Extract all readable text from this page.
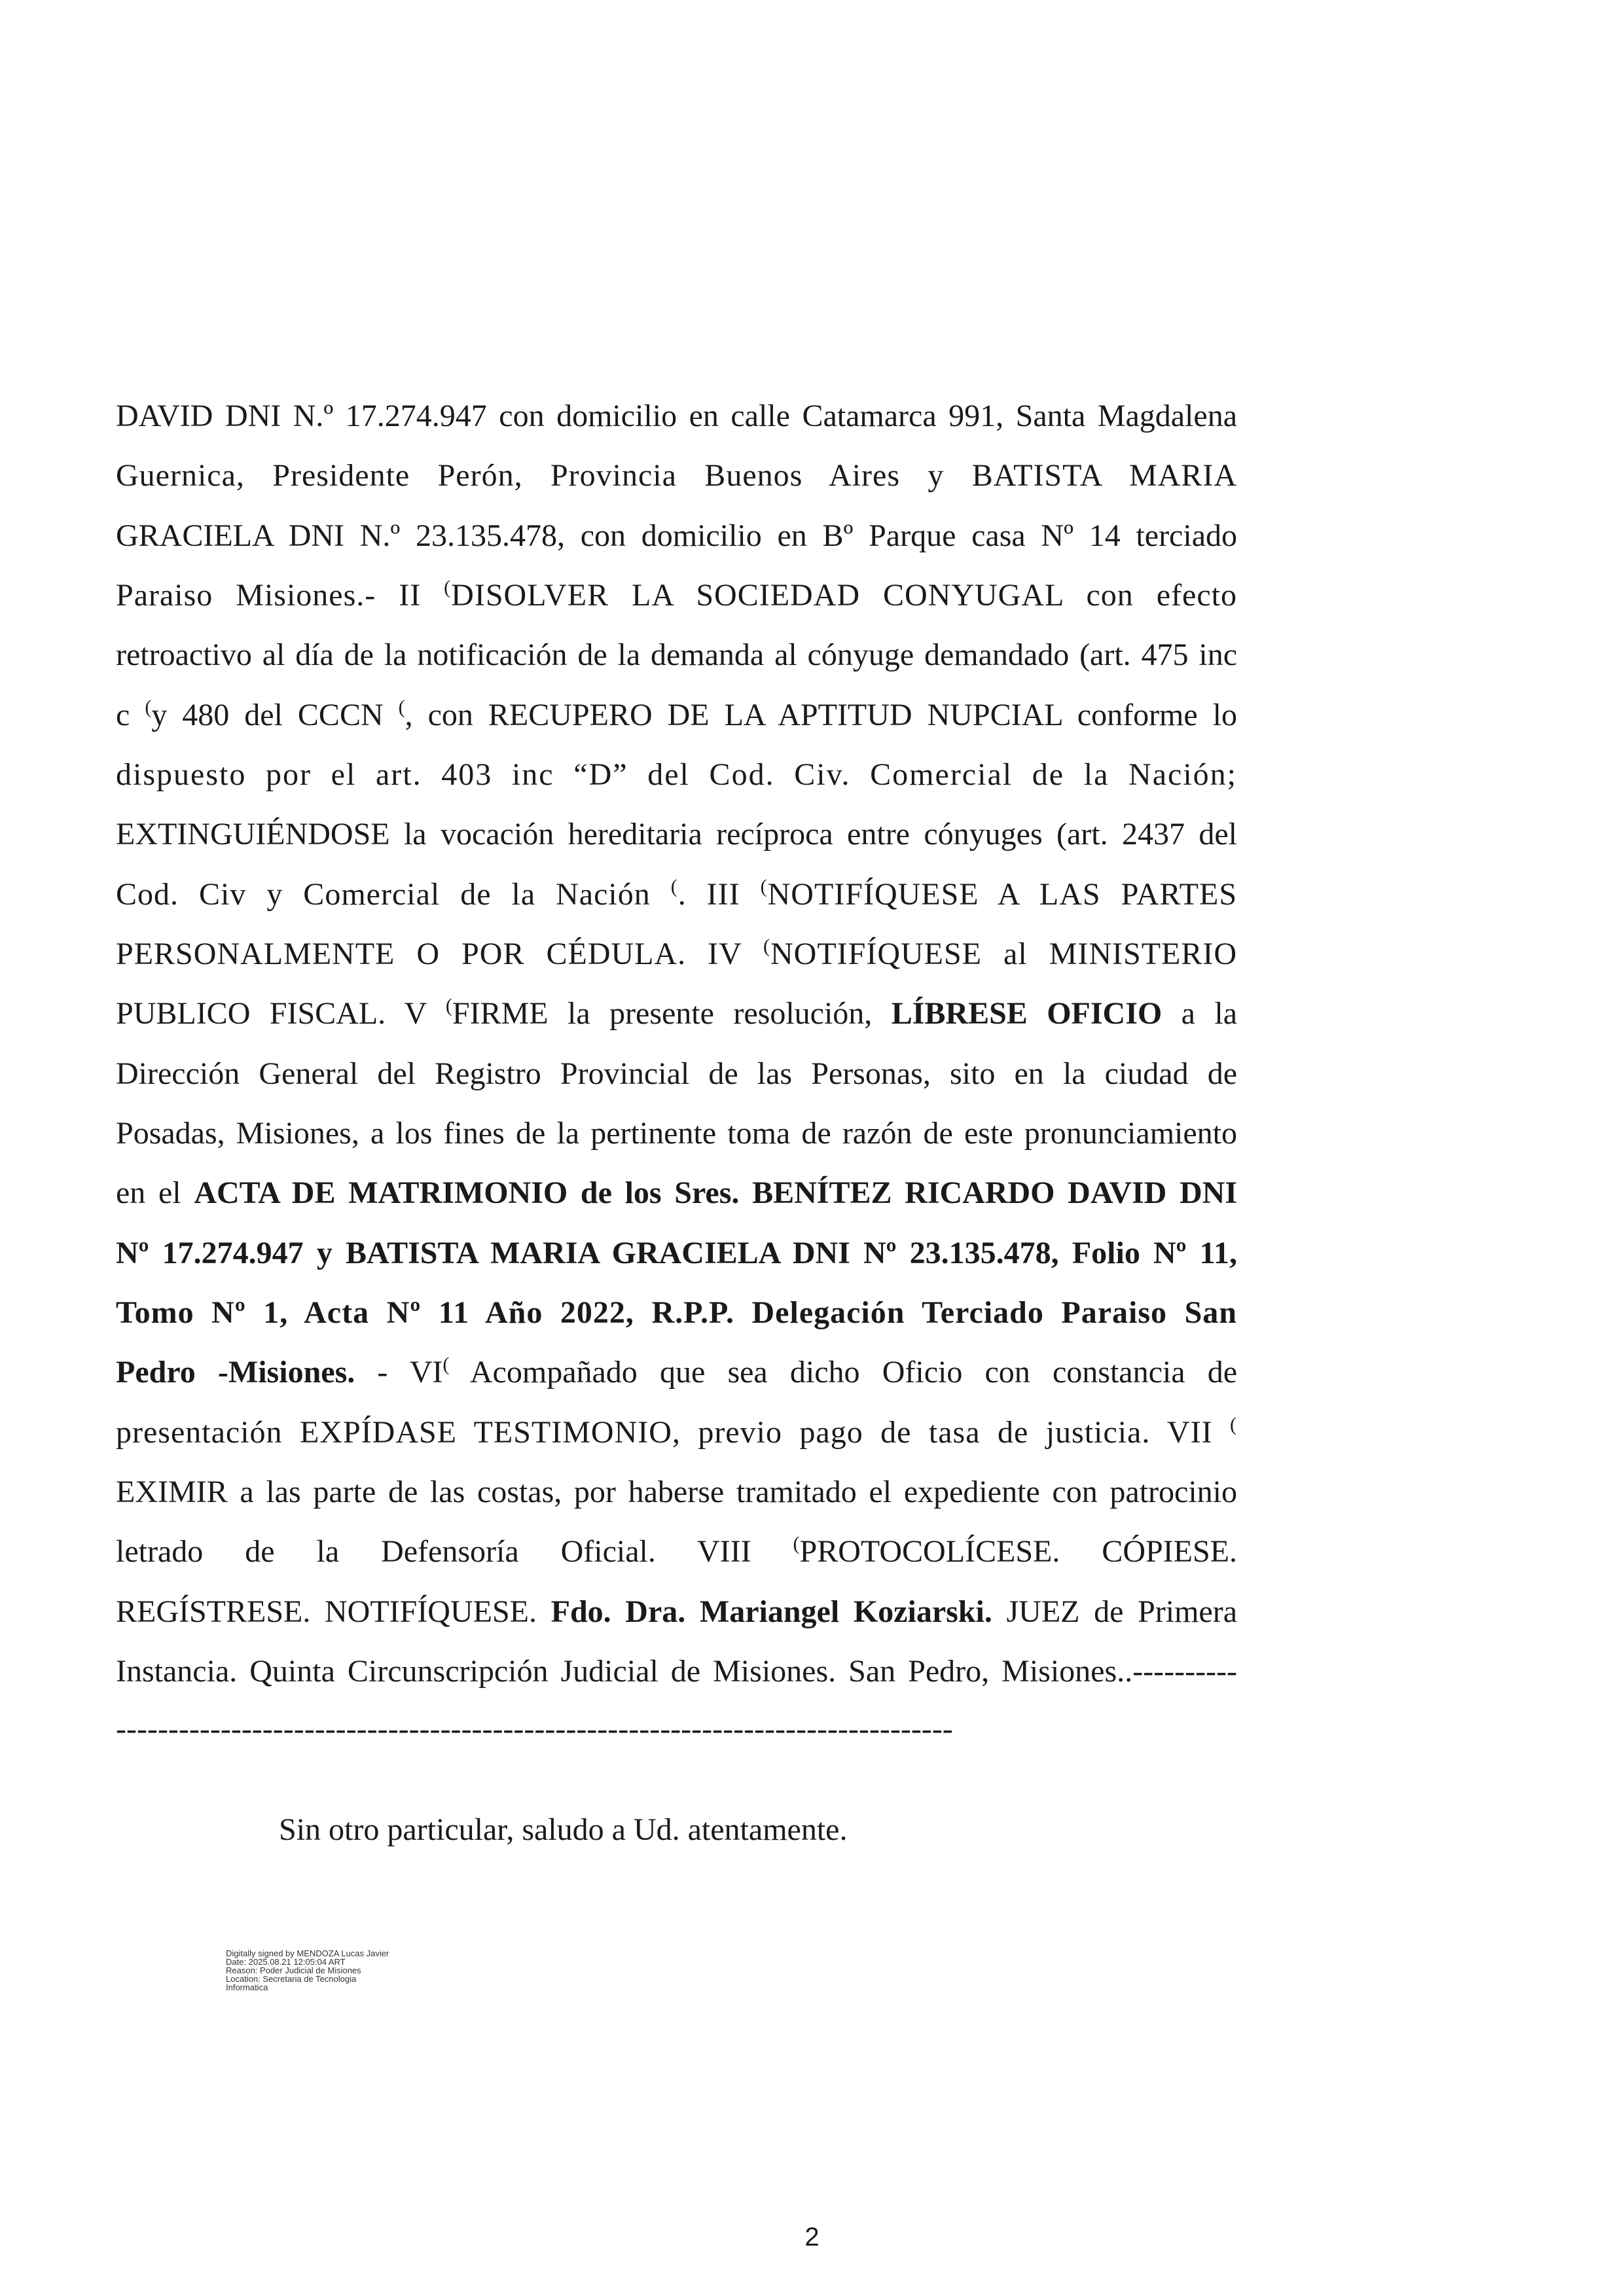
DAVID DNI N.º 17.274.947 con domicilio en calle Catamarca 991, Santa Magdalena
Guernica, Presidente Perón, Provincia Buenos Aires y BATISTA MARIA
GRACIELA DNI N.º 23.135.478, con domicilio en Bº Parque casa Nº 14 terciado
Paraiso Misiones.- II (DISOLVER LA SOCIEDAD CONYUGAL con efecto
retroactivo al día de la notificación de la demanda al cónyuge demandado (art. 475 inc
c (y 480 del CCCN (, con RECUPERO DE LA APTITUD NUPCIAL conforme lo
dispuesto por el art. 403 inc “D” del Cod. Civ. Comercial de la Nación;
EXTINGUIÉNDOSE la vocación hereditaria recíproca entre cónyuges (art. 2437 del
Cod. Civ y Comercial de la Nación (. III (NOTIFÍQUESE A LAS PARTES
PERSONALMENTE O POR CÉDULA. IV (NOTIFÍQUESE al MINISTERIO
PUBLICO FISCAL. V (FIRME la presente resolución, LÍBRESE OFICIO a la
Dirección General del Registro Provincial de las Personas, sito en la ciudad de
Posadas, Misiones, a los fines de la pertinente toma de razón de este pronunciamiento
en el ACTA DE MATRIMONIO de los Sres. BENÍTEZ RICARDO DAVID DNI
Nº 17.274.947 y BATISTA MARIA GRACIELA DNI Nº 23.135.478, Folio Nº 11,
Tomo Nº 1, Acta Nº 11 Año 2022, R.P.P. Delegación Terciado Paraiso San
Pedro -Misiones. - VI( Acompañado que sea dicho Oficio con constancia de
presentación EXPÍDASE TESTIMONIO, previo pago de tasa de justicia. VII (
EXIMIR a las parte de las costas, por haberse tramitado el expediente con patrocinio
letrado de la Defensoría Oficial. VIII (PROTOCOLÍCESE. CÓPIESE.
REGÍSTRESE. NOTIFÍQUESE. Fdo. Dra. Mariangel Koziarski. JUEZ de Primera
Instancia. Quinta Circunscripción Judicial de Misiones. San Pedro, Misiones..----------
--------------------------------------------------------------------------------
Sin otro particular, saludo a Ud. atentamente.
Digitally signed by MENDOZA Lucas Javier
Date: 2025.08.21 12:05:04 ART
Reason: Poder Judicial de Misiones
Location: Secretaria de Tecnologia
Informatica
2
